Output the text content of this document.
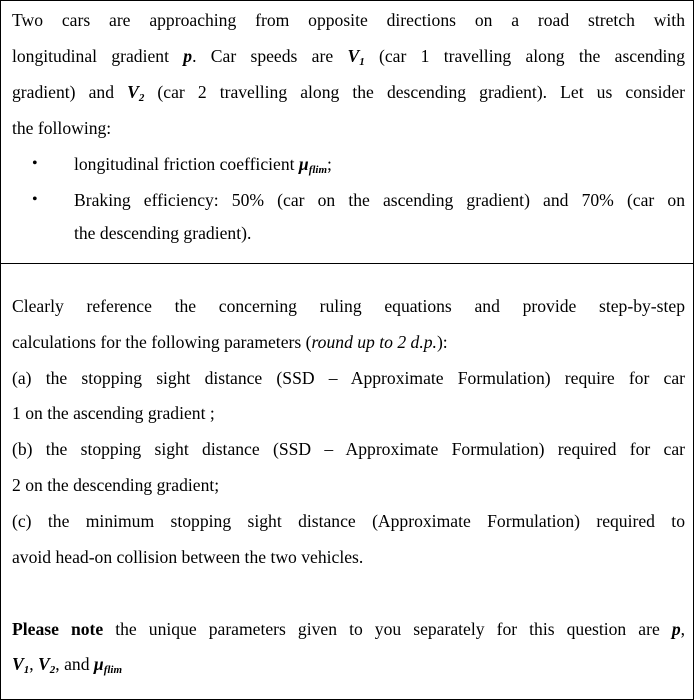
Two cars are approaching from opposite directions on a road stretch with
longitudinal gradient p. Car speeds are $V_1$ (car 1 travelling along the ascending
gradient) and $V_2$ (car 2 travelling along the descending gradient). Let us consider
the following:
• longitudinal friction coefficient $\mu_{flim}$;
• Braking efficiency: 50% (car on the ascending gradient) and 70% (car on
the descending gradient).
Clearly reference the concerning ruling equations and provide step-by-step
calculations for the following parameters (round up to 2 d.p.):
(a) the stopping sight distance (SSD – Approximate Formulation) require for car
1 on the ascending gradient ;
(b) the stopping sight distance (SSD – Approximate Formulation) required for car
2 on the descending gradient;
(c) the minimum stopping sight distance (Approximate Formulation) required to
avoid head-on collision between the two vehicles.
Please note the unique parameters given to you separately for this question are p,
$V_1$, $V_2$, and $\mu_{flim}$
